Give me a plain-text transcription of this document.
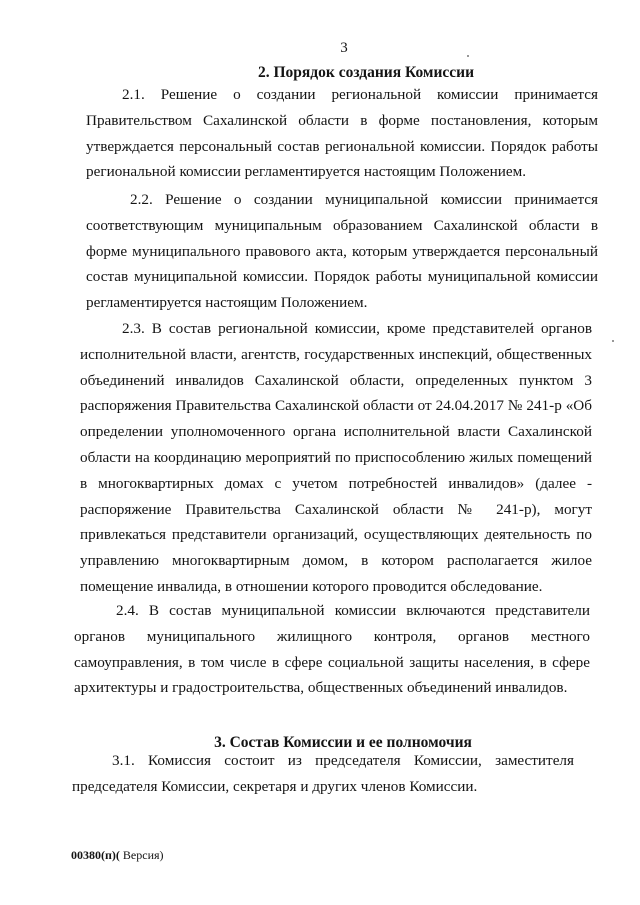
3
2. Порядок создания Комиссии

2.1. Решение о создании региональной комиссии принимается Правительством Сахалинской области в форме постановления, которым утверждается персональный состав региональной комиссии. Порядок работы региональной комиссии регламентируется настоящим Положением.

2.2. Решение о создании муниципальной комиссии принимается соответствующим муниципальным образованием Сахалинской области в форме муниципального правового акта, которым утверждается персональный состав муниципальной комиссии. Порядок работы муниципальной комиссии регламентируется настоящим Положением.

2.3. В состав региональной комиссии, кроме представителей органов исполнительной власти, агентств, государственных инспекций, общественных объединений инвалидов Сахалинской области, определенных пунктом 3 распоряжения Правительства Сахалинской области от 24.04.2017 № 241-р «Об определении уполномоченного органа исполнительной власти Сахалинской области на координацию мероприятий по приспособлению жилых помещений в многоквартирных домах с учетом потребностей инвалидов» (далее - распоряжение Правительства Сахалинской области № 241-р), могут привлекаться представители организаций, осуществляющих деятельность по управлению многоквартирным домом, в котором располагается жилое помещение инвалида, в отношении которого проводится обследование.

2.4. В состав муниципальной комиссии включаются представители органов муниципального жилищного контроля, органов местного самоуправления, в том числе в сфере социальной защиты населения, в сфере архитектуры и градостроительства, общественных объединений инвалидов.

3. Состав Комиссии и ее полномочия

3.1. Комиссия состоит из председателя Комиссии, заместителя председателя Комиссии, секретаря и других членов Комиссии.

00380(п)( Версия)
